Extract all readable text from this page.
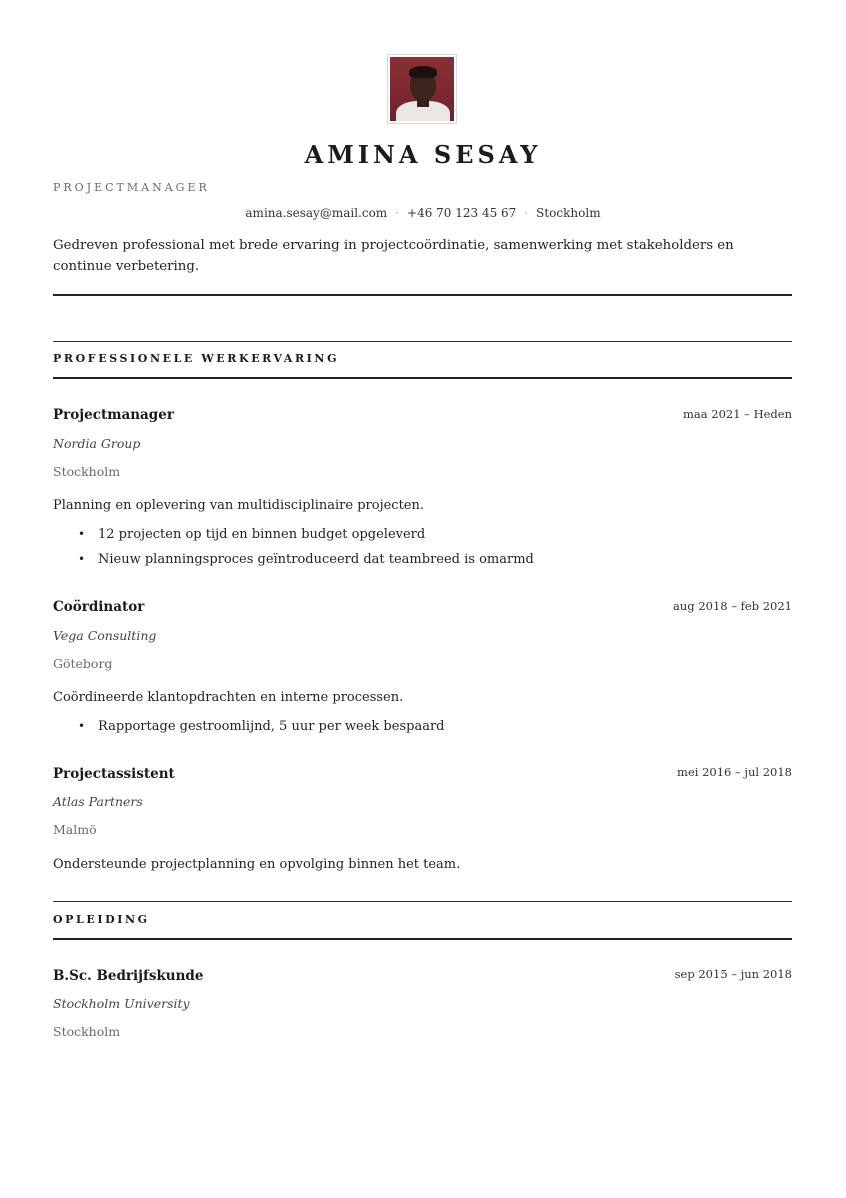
AMINA SESAY
PROJECTMANAGER
amina.sesay@mail.com · +46 70 123 45 67 · Stockholm
Gedreven professional met brede ervaring in projectcoördinatie, samenwerking met stakeholders en continue verbetering.
PROFESSIONELE WERKERVARING
Projectmanager	maa 2021 – Heden
Nordia Group
Stockholm
Planning en oplevering van multidisciplinaire projecten.
• 12 projecten op tijd en binnen budget opgeleverd
• Nieuw planningsproces geïntroduceerd dat teambreed is omarmd
Coördinator	aug 2018 – feb 2021
Vega Consulting
Göteborg
Coördineerde klantopdrachten en interne processen.
• Rapportage gestroomlijnd, 5 uur per week bespaard
Projectassistent	mei 2016 – jul 2018
Atlas Partners
Malmö
Ondersteunde projectplanning en opvolging binnen het team.
OPLEIDING
B.Sc. Bedrijfskunde	sep 2015 – jun 2018
Stockholm University
Stockholm
